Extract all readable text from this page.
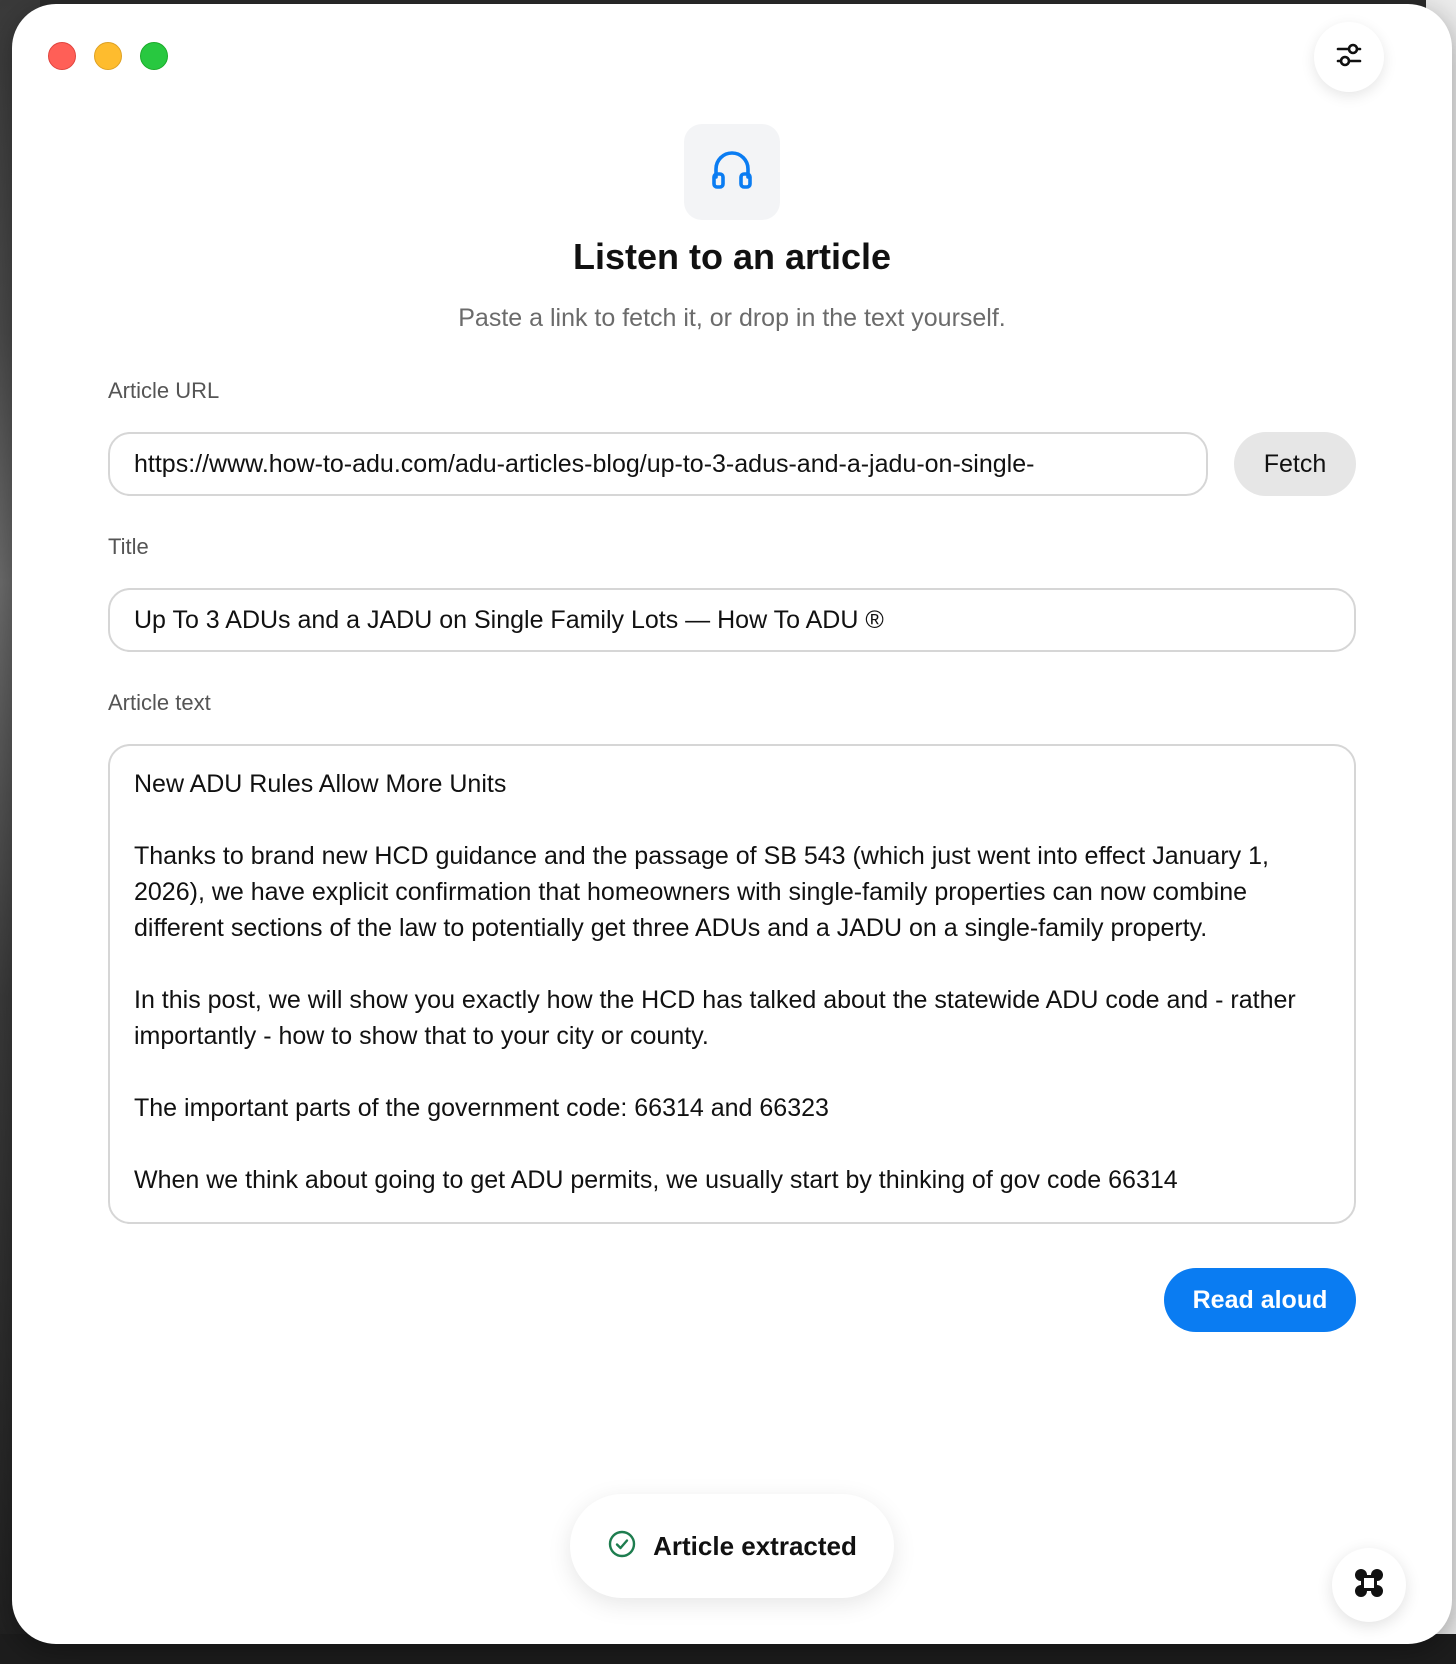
Listen to an article
Paste a link to fetch it, or drop in the text yourself.
Article URL
https://www.how-to-adu.com/adu-articles-blog/up-to-3-adus-and-a-jadu-on-single-
Fetch
Title
Up To 3 ADUs and a JADU on Single Family Lots — How To ADU ®
Article text

New ADU Rules Allow More Units

Thanks to brand new HCD guidance and the passage of SB 543 (which just went into effect January 1, 2026), we have explicit confirmation that homeowners with single-family properties can now combine different sections of the law to potentially get three ADUs and a JADU on a single-family property.

In this post, we will show you exactly how the HCD has talked about the statewide ADU code and - rather importantly - how to show that to your city or county.

The important parts of the government code: 66314 and 66323

When we think about going to get ADU permits, we usually start by thinking of gov code 66314

Read aloud
Article extracted
